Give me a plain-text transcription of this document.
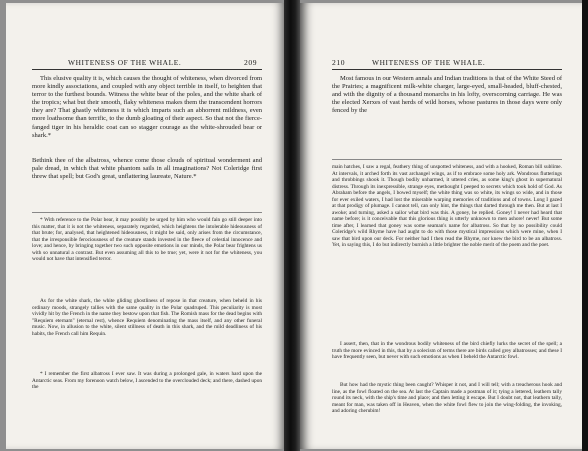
WHITENESS OF THE WHALE.	209

This elusive quality it is, which causes the thought of whiteness, when divorced from more kindly associations, and coupled with any object terrible in itself, to heighten that terror to the furthest bounds. Witness the white bear of the poles, and the white shark of the tropics; what but their smooth, flaky whiteness makes them the transcendent horrors they are? That ghastly whiteness it is which imparts such an abhorrent mildness, even more loathsome than terrific, to the dumb gloating of their aspect. So that not the fierce-fanged tiger in his heraldic coat can so stagger courage as the white-shrouded bear or shark.*

Bethink thee of the albatross, whence come those clouds of spiritual wonderment and pale dread, in which that white phantom sails in all imaginations? Not Coleridge first threw that spell; but God's great, unflattering laureate, Nature.*

* With reference to the Polar bear, it may possibly be urged by him who would fain go still deeper into this matter, that it is not the whiteness, separately regarded, which heightens the intolerable hideousness of that brute; for, analysed, that heightened hideousness, it might be said, only arises from the circumstance, that the irresponsible ferociousness of the creature stands invested in the fleece of celestial innocence and love; and hence, by bringing together two such opposite emotions in our minds, the Polar bear frightens us with so unnatural a contrast. But even assuming all this to be true; yet, were it not for the whiteness, you would not have that intensified terror.

As for the white shark, the white gliding ghostliness of repose in that creature, when beheld in his ordinary moods, strangely tallies with the same quality in the Polar quadruped. This peculiarity is most vividly hit by the French in the name they bestow upon that fish. The Romish mass for the dead begins with "Requiem eternam" (eternal rest), whence Requiem denominating the mass itself, and any other funeral music. Now, in allusion to the white, silent stillness of death in this shark, and the mild deadliness of his habits, the French call him Requin.

* I remember the first albatross I ever saw. It was during a prolonged gale, in waters hard upon the Antarctic seas. From my forenoon watch below, I ascended to the overclouded deck; and there, dashed upon the

210	WHITENESS OF THE WHALE.

Most famous in our Western annals and Indian traditions is that of the White Steed of the Prairies; a magnificent milk-white charger, large-eyed, small-headed, bluff-chested, and with the dignity of a thousand monarchs in his lofty, overscorning carriage. He was the elected Xerxes of vast herds of wild horses, whose pastures in those days were only fenced by the

main hatches, I saw a regal, feathery thing of unspotted whiteness, and with a hooked, Roman bill sublime. At intervals, it arched forth its vast archangel wings, as if to embrace some holy ark. Wondrous flutterings and throbbings shook it. Though bodily unharmed, it uttered cries, as some king's ghost in supernatural distress. Through its inexpressible, strange eyes, methought I peeped to secrets which took hold of God. As Abraham before the angels, I bowed myself; the white thing was so white, its wings so wide, and in those for ever exiled waters, I had lost the miserable warping memories of traditions and of towns. Long I gazed at that prodigy of plumage. I cannot tell, can only hint, the things that darted through me then. But at last I awoke; and turning, asked a sailor what bird was this. A goney, he replied. Goney! I never had heard that name before; is it conceivable that this glorious thing is utterly unknown to men ashore! never! But some time after, I learned that goney was some seaman's name for albatross. So that by no possibility could Coleridge's wild Rhyme have had aught to do with those mystical impressions which were mine, when I saw that bird upon our deck. For neither had I then read the Rhyme, nor knew the bird to be an albatross. Yet, in saying this, I do but indirectly burnish a little brighter the noble merit of the poem and the poet.

I assert, then, that in the wondrous bodily whiteness of the bird chiefly lurks the secret of the spell; a truth the more evinced in this, that by a solecism of terms there are birds called grey albatrosses; and these I have frequently seen, but never with such emotions as when I beheld the Antarctic fowl.

But how had the mystic thing been caught? Whisper it not, and I will tell; with a treacherous hook and line, as the fowl floated on the sea. At last the Captain made a postman of it; tying a lettered, leathern tally round its neck, with the ship's time and place; and then letting it escape. But I doubt not, that leathern tally, meant for man, was taken off in Heaven, when the white fowl flew to join the wing-folding, the invoking, and adoring cherubim!
